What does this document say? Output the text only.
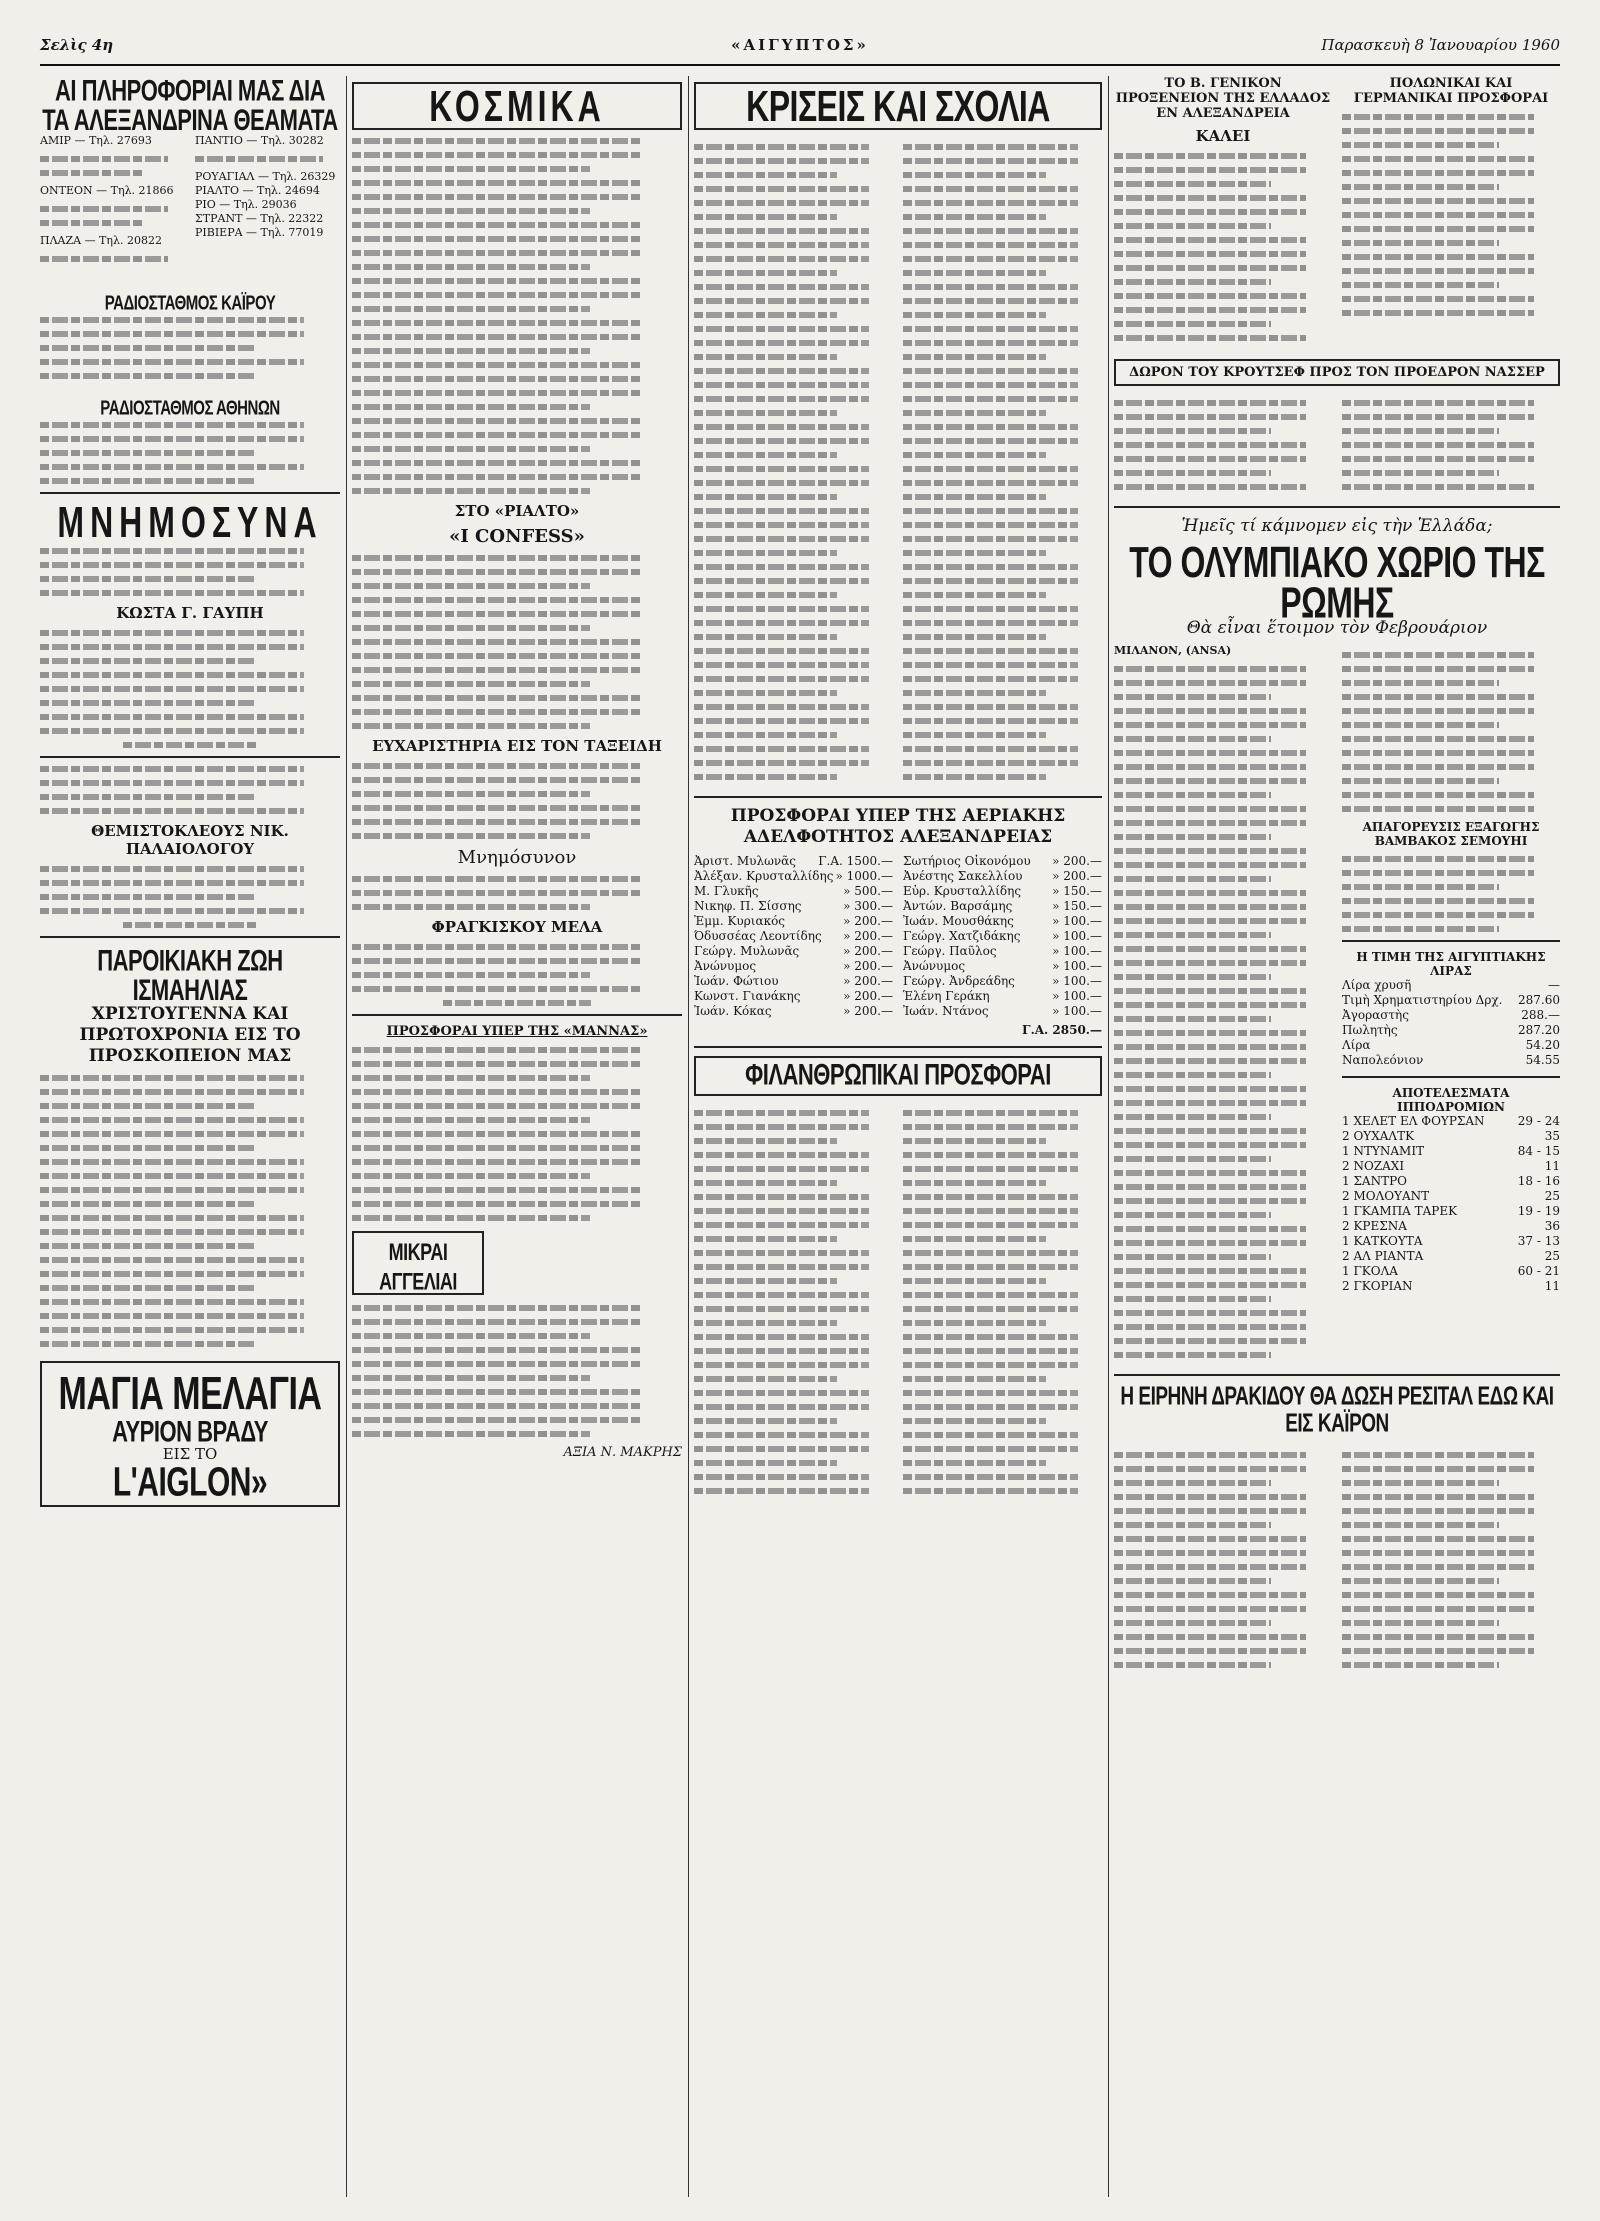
Σελὶς 4η	«ΑΙΓΥΠΤΟΣ»	Παρασκευὴ 8 Ἰανουαρίου 1960
ΑΙ ΠΛΗΡΟΦΟΡΙΑΙ ΜΑΣ ΔΙΑ ΤΑ ΑΛΕΞΑΝΔΡΙΝΑ ΘΕΑΜΑΤΑ
ΑΜΙΡ — Τηλ. 27693
ΟΝΤΕΟΝ — Τηλ. 21866
ΠΛΑΖΑ — Τηλ. 20822
ΠΑΝΤΙΟ — Τηλ. 30282
ΡΟΥΑΓΙΑΛ — Τηλ. 26329
ΡΙΑΛΤΟ — Τηλ. 24694
ΡΙΟ — Τηλ. 29036
ΣΤΡΑΝΤ — Τηλ. 22322
ΡΙΒΙΕΡΑ — Τηλ. 77019
ΡΑΔΙΟΣΤΑΘΜΟΣ ΚΑΪΡΟΥ
ΡΑΔΙΟΣΤΑΘΜΟΣ ΑΘΗΝΩΝ
ΜΝΗΜΟΣΥΝΑ
ΚΩΣΤΑ Γ. ΓΑΥΠΗ
ΘΕΜΙΣΤΟΚΛΕΟΥΣ ΝΙΚ. ΠΑΛΑΙΟΛΟΓΟΥ
ΠΑΡΟΙΚΙΑΚΗ ΖΩΗ ΙΣΜΑΗΛΙΑΣ
ΧΡΙΣΤΟΥΓΕΝΝΑ ΚΑΙ ΠΡΩΤΟΧΡΟΝΙΑ ΕΙΣ ΤΟ ΠΡΟΣΚΟΠΕΙΟΝ ΜΑΣ
ΜΑΓΙΑ ΜΕΛΑΓΙΑ
ΑΥΡΙΟΝ ΒΡΑΔΥ
ΕΙΣ ΤΟ
L'AIGLON»
ΚΟΣΜΙΚΑ
ΣΤΟ «ΡΙΑΛΤΟ»
«I CONFESS»
ΕΥΧΑΡΙΣΤΗΡΙΑ ΕΙΣ ΤΟΝ ΤΑΞΕΙΔΗ
Μνημόσυνον
ΦΡΑΓΚΙΣΚΟΥ ΜΕΛΑ
ΠΡΟΣΦΟΡΑΙ ΥΠΕΡ ΤΗΣ «ΜΑΝΝΑΣ»
ΜΙΚΡΑΙ ΑΓΓΕΛΙΑΙ
ΑΞΙΑ Ν. ΜΑΚΡΗΣ
ΚΡΙΣΕΙΣ ΚΑΙ ΣΧΟΛΙΑ
ΠΡΟΣΦΟΡΑΙ ΥΠΕΡ ΤΗΣ ΑΕΡΙΑΚΗΣ ΑΔΕΛΦΟΤΗΤΟΣ ΑΛΕΞΑΝΔΡΕΙΑΣ
Ἀριστ. Μυλωνᾶς Γ.Α. 1500.—
Ἀλέξαν. Κρυσταλλίδης » 1000.—
Μ. Γλυκῆς	» 500.—
Νικηφ. Π. Σίσσης	» 300.—
Ἐμμ. Κυριακός	» 200.—
Όδυσσέας Λεοντίδης » 200.—
Γεώργ. Μυλωνᾶς	» 200.—
Ἀνώνυμος	» 200.—
Ἰωάν. Φώτιου	» 200.—
Κωνστ. Γιανάκης	» 200.—
Ἰωάν. Κόκας	» 200.—
Σωτήριος Οἰκονόμου » 200.—
Ἀνέστης Σακελλίου » 200.—
Εὐρ. Κρυσταλλίδης	» 150.—
Ἀντών. Βαρσάμης	» 150.—
Ἰωάν. Μουσθάκης	» 100.—
Γεώργ. Χατζιδάκης	» 100.—
Γεώργ. Παῦλος	» 100.—
Ἀνώνυμος	» 100.—
Γεώργ. Ἀνδρεάδης	» 100.—
Ἑλένη Γεράκη	» 100.—
Ἰωάν. Ντάνος	» 100.—
Γ.Α. 2850.—
ΦΙΛΑΝΘΡΩΠΙΚΑΙ ΠΡΟΣΦΟΡΑΙ
ΤΟ Β. ΓΕΝΙΚΟΝ ΠΡΟΞΕΝΕΙΟΝ ΤΗΣ ΕΛΛΑΔΟΣ ΕΝ ΑΛΕΞΑΝΔΡΕΙΑ
ΚΑΛΕΙ
ΠΟΛΩΝΙΚΑΙ ΚΑΙ ΓΕΡΜΑΝΙΚΑΙ ΠΡΟΣΦΟΡΑΙ
ΔΩΡΟΝ ΤΟΥ ΚΡΟΥΤΣΕΦ ΠΡΟΣ ΤΟΝ ΠΡΟΕΔΡΟΝ ΝΑΣΣΕΡ
Ἡμεῖς τί κάμνομεν εἰς τὴν Ἑλλάδα;
ΤΟ ΟΛΥΜΠΙΑΚΟ ΧΩΡΙΟ ΤΗΣ ΡΩΜΗΣ
Θὰ εἶναι ἕτοιμον τὸν Φεβρουάριον
ΜΙΛΑΝΟΝ, (ANSA)
ΑΠΑΓΟΡΕΥΣΙΣ ΕΞΑΓΩΓΗΣ ΒΑΜΒΑΚΟΣ ΣΕΜΟΥΗΙ
Η ΤΙΜΗ ΤΗΣ ΑΙΓΥΠΤΙΑΚΗΣ ΛΙΡΑΣ
Λίρα χρυσῆ	—
Τιμὴ Χρηματιστηρίου Δρχ. 287.60
Ἀγοραστὴς	288.—
Πωλητὴς	287.20
Λίρα	54.20
Ναπολεόνιον	54.55
ΑΠΟΤΕΛΕΣΜΑΤΑ ΙΠΠΟΔΡΟΜΙΩΝ
1 ΧΕΛΕΤ ΕΛ ΦΟΥΡΣΑΝ	29 - 24
2 ΟΥΧΑΛΤΚ	35
1 ΝΤΥΝΑΜΙΤ	84 - 15
2 ΝΟΖΑΧΙ	11
1 ΣΑΝΤΡΟ	18 - 16
2 ΜΟΛΟΥΑΝΤ	25
1 ΓΚΑΜΠΑ ΤΑΡΕΚ	19 - 19
2 ΚΡΕΣΝΑ	36
1 ΚΑΤΚΟΥΤΑ	37 - 13
2 ΑΛ ΡΙΑΝΤΑ	25
1 ΓΚΟΛΑ	60 - 21
2 ΓΚΟΡΙΑΝ	11
Η ΕΙΡΗΝΗ ΔΡΑΚΙΔΟΥ ΘΑ ΔΩΣΗ ΡΕΣΙΤΑΛ ΕΔΩ ΚΑΙ ΕΙΣ ΚΑΪΡΟΝ
